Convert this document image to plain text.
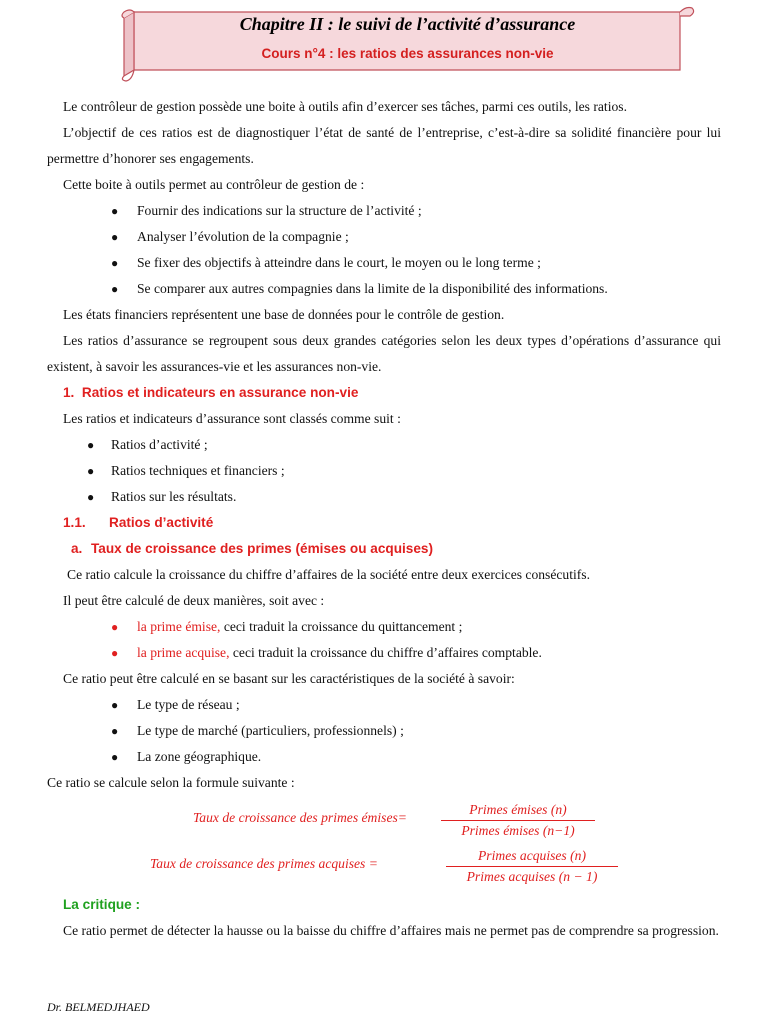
Chapitre II : le suivi de l’activité d’assurance
Cours n°4 : les ratios des assurances non-vie

Le contrôleur de gestion possède une boite à outils afin d’exercer ses tâches, parmi ces outils, les ratios.

L’objectif de ces ratios est de diagnostiquer l’état de santé de l’entreprise, c’est-à-dire sa solidité financière pour lui permettre d’honorer ses engagements.

Cette boite à outils permet au contrôleur de gestion de :

● Fournir des indications sur la structure de l’activité ;

● Analyser l’évolution de la compagnie ;

● Se fixer des objectifs à atteindre dans le court, le moyen ou le long terme ;

● Se comparer aux autres compagnies dans la limite de la disponibilité des informations.

Les états financiers représentent une base de données pour le contrôle de gestion.

Les ratios d’assurance se regroupent sous deux grandes catégories selon les deux types d’opérations d’assurance qui existent, à savoir les assurances-vie et les assurances non-vie.

1. Ratios et indicateurs en assurance non-vie

Les ratios et indicateurs d’assurance sont classés comme suit :

● Ratios d’activité ;

● Ratios techniques et financiers ;

● Ratios sur les résultats.

1.1. Ratios d’activité

a. Taux de croissance des primes (émises ou acquises)

Ce ratio calcule la croissance du chiffre d’affaires de la société entre deux exercices consécutifs.

Il peut être calculé de deux manières, soit avec :

● la prime émise, ceci traduit la croissance du quittancement ;

● la prime acquise, ceci traduit la croissance du chiffre d’affaires comptable.

Ce ratio peut être calculé en se basant sur les caractéristiques de la société à savoir:

● Le type de réseau ;

● Le type de marché (particuliers, professionnels) ;

● La zone géographique.

Ce ratio se calcule selon la formule suivante :

Taux de croissance des primes émises=
Primes émises (n)
Primes émises (n−1)
Taux de croissance des primes acquises =
Primes acquises (n)
Primes acquises (n − 1)

La critique :

Ce ratio permet de détecter la hausse ou la baisse du chiffre d’affaires mais ne permet pas de comprendre sa progression.

Dr. BELMEDJHAED
